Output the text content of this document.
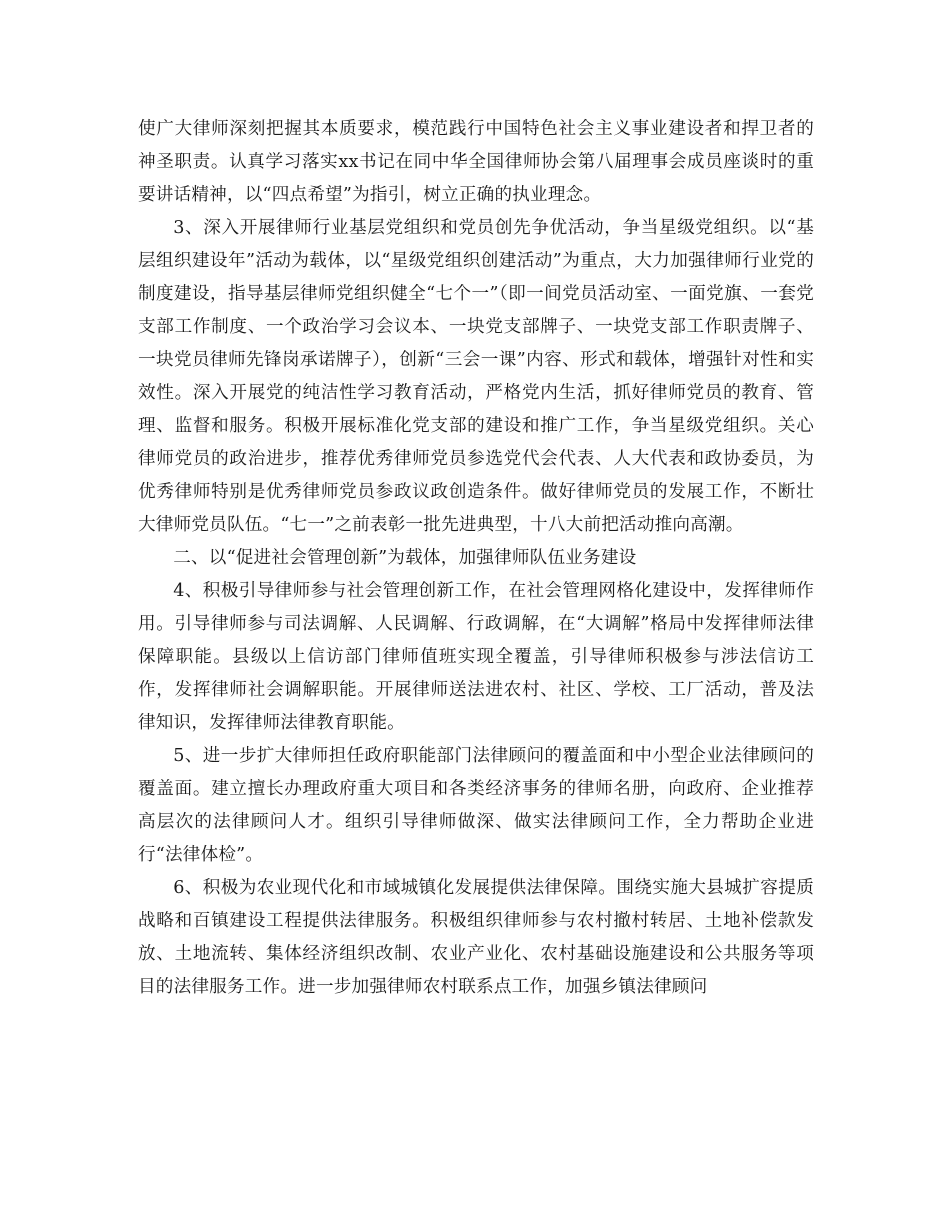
使广大律师深刻把握其本质要求，模范践行中国特色社会主义事业建设者和捍卫者的神圣职责。认真学习落实xx书记在同中华全国律师协会第八届理事会成员座谈时的重要讲话精神，以“四点希望”为指引，树立正确的执业理念。

3、深入开展律师行业基层党组织和党员创先争优活动，争当星级党组织。以“基层组织建设年”活动为载体，以“星级党组织创建活动”为重点，大力加强律师行业党的制度建设，指导基层律师党组织健全“七个一”（即一间党员活动室、一面党旗、一套党支部工作制度、一个政治学习会议本、一块党支部牌子、一块党支部工作职责牌子、一块党员律师先锋岗承诺牌子），创新“三会一课”内容、形式和载体，增强针对性和实效性。深入开展党的纯洁性学习教育活动，严格党内生活，抓好律师党员的教育、管理、监督和服务。积极开展标准化党支部的建设和推广工作，争当星级党组织。关心律师党员的政治进步，推荐优秀律师党员参选党代会代表、人大代表和政协委员，为优秀律师特别是优秀律师党员参政议政创造条件。做好律师党员的发展工作，不断壮大律师党员队伍。“七一”之前表彰一批先进典型，十八大前把活动推向高潮。

二、以“促进社会管理创新”为载体，加强律师队伍业务建设

4、积极引导律师参与社会管理创新工作，在社会管理网格化建设中，发挥律师作用。引导律师参与司法调解、人民调解、行政调解，在“大调解”格局中发挥律师法律保障职能。县级以上信访部门律师值班实现全覆盖，引导律师积极参与涉法信访工作，发挥律师社会调解职能。开展律师送法进农村、社区、学校、工厂活动，普及法律知识，发挥律师法律教育职能。

5、进一步扩大律师担任政府职能部门法律顾问的覆盖面和中小型企业法律顾问的覆盖面。建立擅长办理政府重大项目和各类经济事务的律师名册，向政府、企业推荐高层次的法律顾问人才。组织引导律师做深、做实法律顾问工作，全力帮助企业进行“法律体检”。

6、积极为农业现代化和市域城镇化发展提供法律保障。围绕实施大县城扩容提质战略和百镇建设工程提供法律服务。积极组织律师参与农村撤村转居、土地补偿款发放、土地流转、集体经济组织改制、农业产业化、农村基础设施建设和公共服务等项目的法律服务工作。进一步加强律师农村联系点工作，加强乡镇法律顾问
